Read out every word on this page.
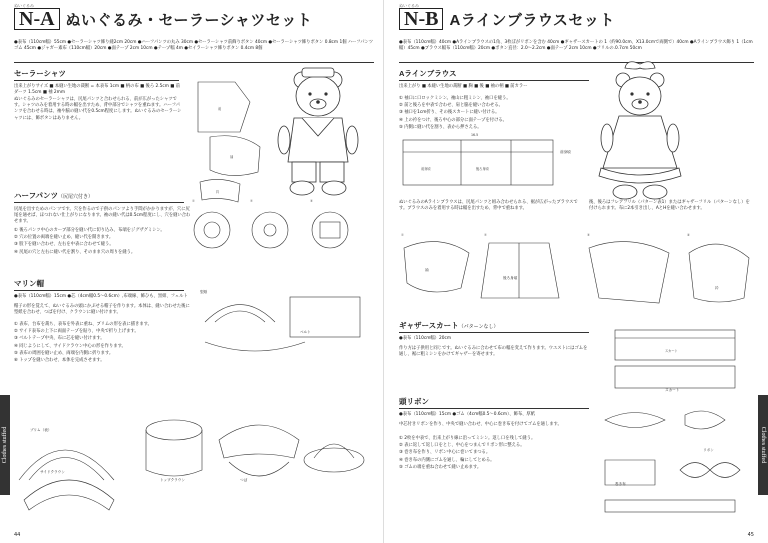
ぬいぐるみ
N-A ぬいぐるみ・セーラーシャツセット
●表布（110cm幅）55cm ●セーラーシャツ飾り縫2cm 20cm ●ハーフパンツの丸み 30cm ●セーラーシャツ前飾りボタン 40cm ●セーラーシャツ飾りボタン 0.8cm 1個 ハーフパンツゴム 45cm ●ジャガー素布（110cm幅）20cm ●面テープ 2cm 10cm ●テープ幅 4m ●セイラーシャツ飾りボタン 0.4cm 8個
セーラーシャツ
出来上がりサイズ ■ 本縫い生地の裁断 = 本表布 1cm ■ 柄の布 ■ 後ろ 2.5cm ■ 前ダーツ 1.5cm ■ 袖 2mm
ぬいぐるみのセーラーシャツは、尻尾パンツと合わせられる、前が広がったシャツです。シャツのみを着用する時の幅を出すため、背中部分でシャツを重ねます。ハーフパンツを合わせる時は、袖や脇の縫い代を0.5cm程度にします。ぬいぐるみのセーラーシャツには、飾ボタンはありません。
前
袖
衿
ハーフパンツ（尻尾穴付き）
尻尾を出すためのパンツです。穴を作るので子供のパンツより手間がかかりますが、穴に尻尾を通せば、ほつれない仕上がりになります。袖の縫い代は0.5cm程度にし、穴を縫い合わせます。
① 後ろパンツ中心のカーブ部分を縫い代に切り込み、布端をジグザグミシン。
② 穴の位置の両端を縫い止め、縫い代を開きます。
③ 股下を縫い合わせ、左右を中表に合わせて縫う。
④ 尻尾の穴と左右に縫い代を割り、そのまま穴の周りを縫う。
①	②	③
マリン帽
●表布（110cm幅）15cm ●芯（4cm幅0.5〜0.6cm）,布端線、飾ひも、黒紺、フェルト
帽子の形を覚えて、ぬいぐるみの頭にかぶせる帽子を作ります。本体は、縫い合わせた後に型紙を合わせ、つばを付け、クラウンに縫い付けます。
① 表布、台布を裁ち、表布を外表に重ね、ブリムの形を表に描きます。
② サイド表布の上下に両面テープを貼り、中央で折り上げます。
③ ベルトテープ中央、布に芯を縫い付けます。
④ 同じようにして、サイドクラウン中心の形を作ります。
⑤ 表布の周囲を縫い止め、両端を内側に折ります。
⑥ トップを縫い合わせ、本体を完成させます。
型紙
ベルト
サイドクラウン
ブリム（表）
トップクラウン	つば
44
Clothes stuffed
ぬいぐるみ
N-B Aラインブラウスセット
●表布（110cm幅）40cm ●Aラインブラウスの1角、3枚ぼがリボンを含む 40cm ●ギャザースカートの 1（約90.0cm、X13.0cmで両側で）40cm ●Aラインブラウス飾り 1（1cm幅）45cm ●ブラウス幅布（110cm幅）20cm ●ボタン直径：2.0〜2.2cm ●面テープ 2cm 10cm ●フリルの.0.7cm 50cm
Aラインブラウス
出来上がり ■ 本縫い生地の裁断 ■ 胸 ■ 後 ■ 袖の柄 ■ 前カラー
① 袖口に口ロックミシン。袖山に粗ミシン、袖口を縫う。
② 前と後ろを中表で合わせ、肩と脇を縫い合わせる。
③ 袖口を1cm折り、その後スカートに縫い付ける。
④ 上の衿をつけ、後ろ中心の部分に面テープを付ける。
⑤ 内側に縫い代を割り、表から押さえる。
16.5
前身頃	後ろ身頃
前身頃
ぬいぐるみのAラインブラウスは、尻尾パンツと組み合わせられる、裾が広がったブラウスです。ブラウスのみを着用する時は幅を出すため、背中で重ねます。
後、後ろはフレアフリル（パターン表1）またはギャザーフリル（パターンなし）を付けられます。布に2本引き出し、AとHを縫い合わせます。
①	②	③	④
袖
後ろ身頃
衿
ギャザースカート（パターンなし）
●表布（110cm幅）20cm
作り方は子供用と同じです。ぬいぐるみに合わせて布の幅を変えて作ります。ウエストにはゴムを通し、裾に粗ミシンをかけてギャザーを寄せます。
スカート
スカート
頭リボン
●表布（110cm幅）15cm ●ゴム（4cm幅0.5〜0.6cm）、飾布、厚紙
中芯付きリボンを作り、中央で縫い合わせ、中心に巻き布を付けてゴムを通します。
① 2枚を中表で、出来上がり線に沿ってミシン。返し口を残して縫う。
② 表に返して返し口をとじ、中心をつまんでリボン形に整える。
③ 巻き布を作り、リボン中心に巻いてまつる。
④ 巻き布の内側にゴムを通し、輪にしてとめる。
⑤ ゴムの端を重ね合わせて縫い止めます。
巻き布
リボン
45
Clothes stuffed
